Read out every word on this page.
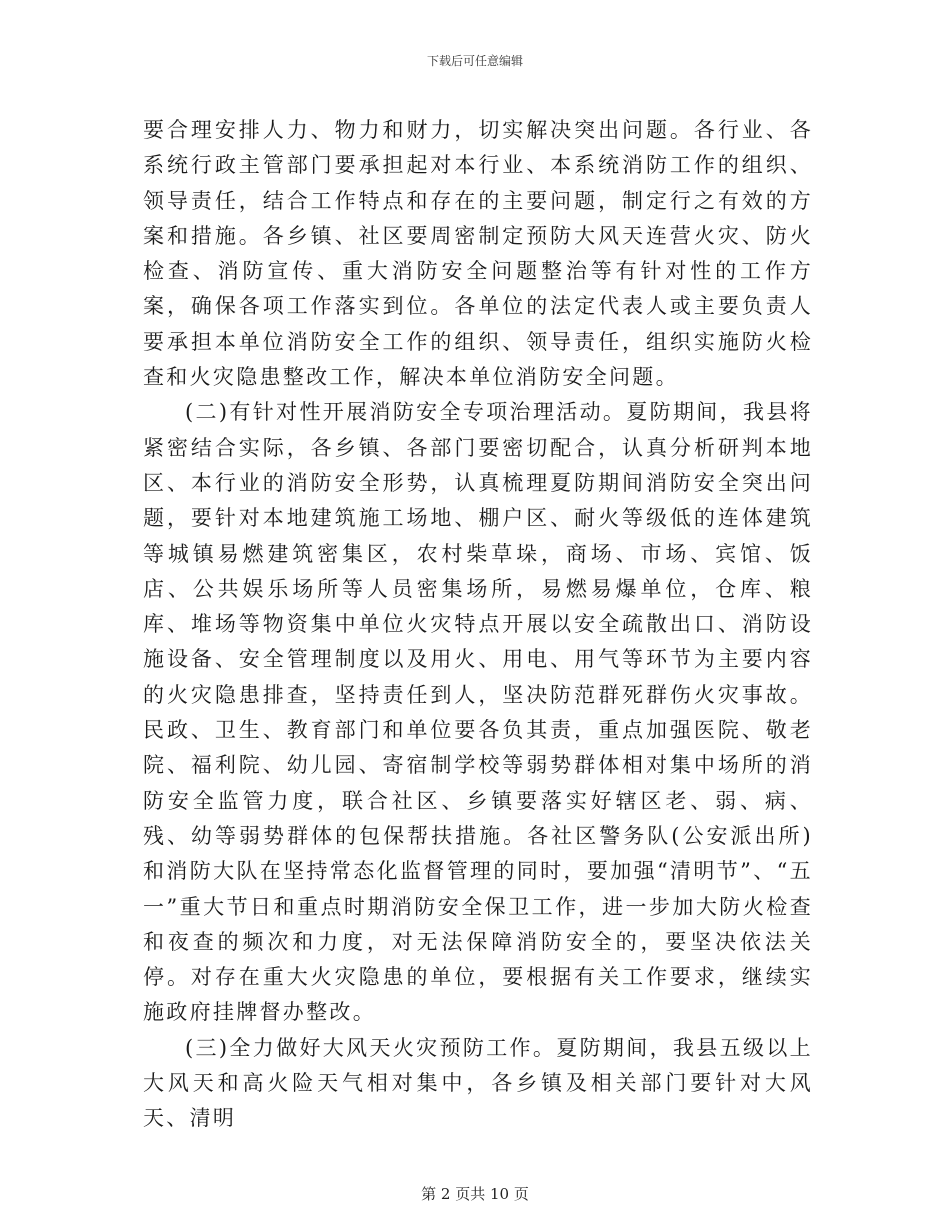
下载后可任意编辑

要合理安排人力、物力和财力，切实解决突出问题。各行业、各系统行政主管部门要承担起对本行业、本系统消防工作的组织、领导责任，结合工作特点和存在的主要问题，制定行之有效的方案和措施。各乡镇、社区要周密制定预防大风天连营火灾、防火检查、消防宣传、重大消防安全问题整治等有针对性的工作方案，确保各项工作落实到位。各单位的法定代表人或主要负责人要承担本单位消防安全工作的组织、领导责任，组织实施防火检查和火灾隐患整改工作，解决本单位消防安全问题。

(二)有针对性开展消防安全专项治理活动。夏防期间，我县将紧密结合实际，各乡镇、各部门要密切配合，认真分析研判本地区、本行业的消防安全形势，认真梳理夏防期间消防安全突出问题，要针对本地建筑施工场地、棚户区、耐火等级低的连体建筑等城镇易燃建筑密集区，农村柴草垛，商场、市场、宾馆、饭店、公共娱乐场所等人员密集场所，易燃易爆单位，仓库、粮库、堆场等物资集中单位火灾特点开展以安全疏散出口、消防设施设备、安全管理制度以及用火、用电、用气等环节为主要内容的火灾隐患排查，坚持责任到人，坚决防范群死群伤火灾事故。民政、卫生、教育部门和单位要各负其责，重点加强医院、敬老院、福利院、幼儿园、寄宿制学校等弱势群体相对集中场所的消防安全监管力度，联合社区、乡镇要落实好辖区老、弱、病、残、幼等弱势群体的包保帮扶措施。各社区警务队(公安派出所)和消防大队在坚持常态化监督管理的同时，要加强“清明节”、“五一”重大节日和重点时期消防安全保卫工作，进一步加大防火检查和夜查的频次和力度，对无法保障消防安全的，要坚决依法关停。对存在重大火灾隐患的单位，要根据有关工作要求，继续实施政府挂牌督办整改。

(三)全力做好大风天火灾预防工作。夏防期间，我县五级以上大风天和高火险天气相对集中，各乡镇及相关部门要针对大风天、清明

第 2 页共 10 页
